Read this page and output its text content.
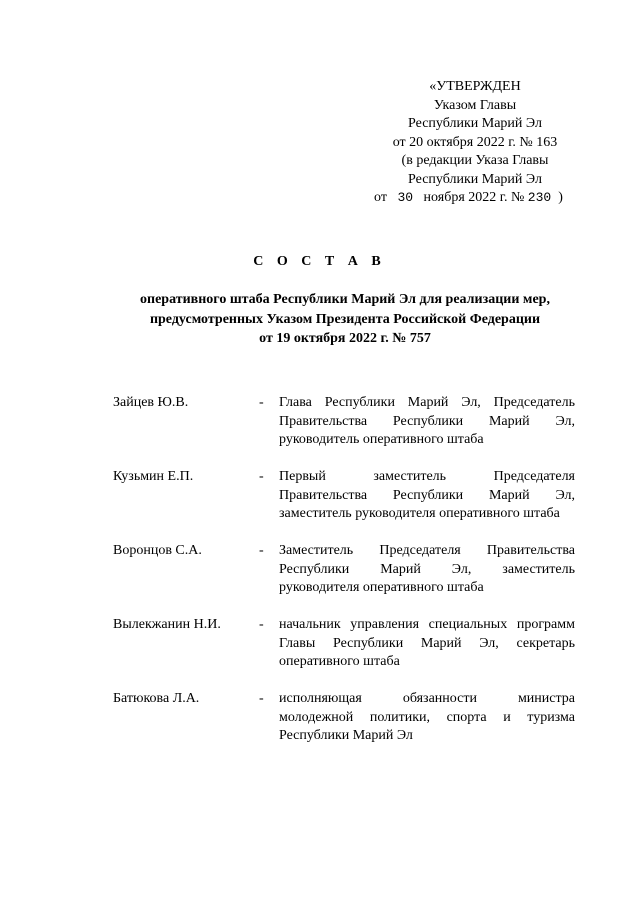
«УТВЕРЖДЕН
Указом Главы
Республики Марий Эл
от 20 октября 2022 г. № 163
(в редакции Указа Главы
Республики Марий Эл
от 30 ноября 2022 г. № 230 )
С О С Т А В
оперативного штаба Республики Марий Эл для реализации мер,
предусмотренных Указом Президента Российской Федерации
от 19 октября 2022 г. № 757
Зайцев Ю.В.	-	Глава Республики Марий Эл, Председатель Правительства Республики Марий Эл, руководитель оперативного штаба
Кузьмин Е.П.	-	Первый заместитель Председателя Правительства Республики Марий Эл, заместитель руководителя оперативного штаба
Воронцов С.А.	-	Заместитель Председателя Правительства Республики Марий Эл, заместитель руководителя оперативного штаба
Вылекжанин Н.И.	-	начальник управления специальных программ Главы Республики Марий Эл, секретарь оперативного штаба
Батюкова Л.А.	-	исполняющая обязанности министра молодежной политики, спорта и туризма Республики Марий Эл
